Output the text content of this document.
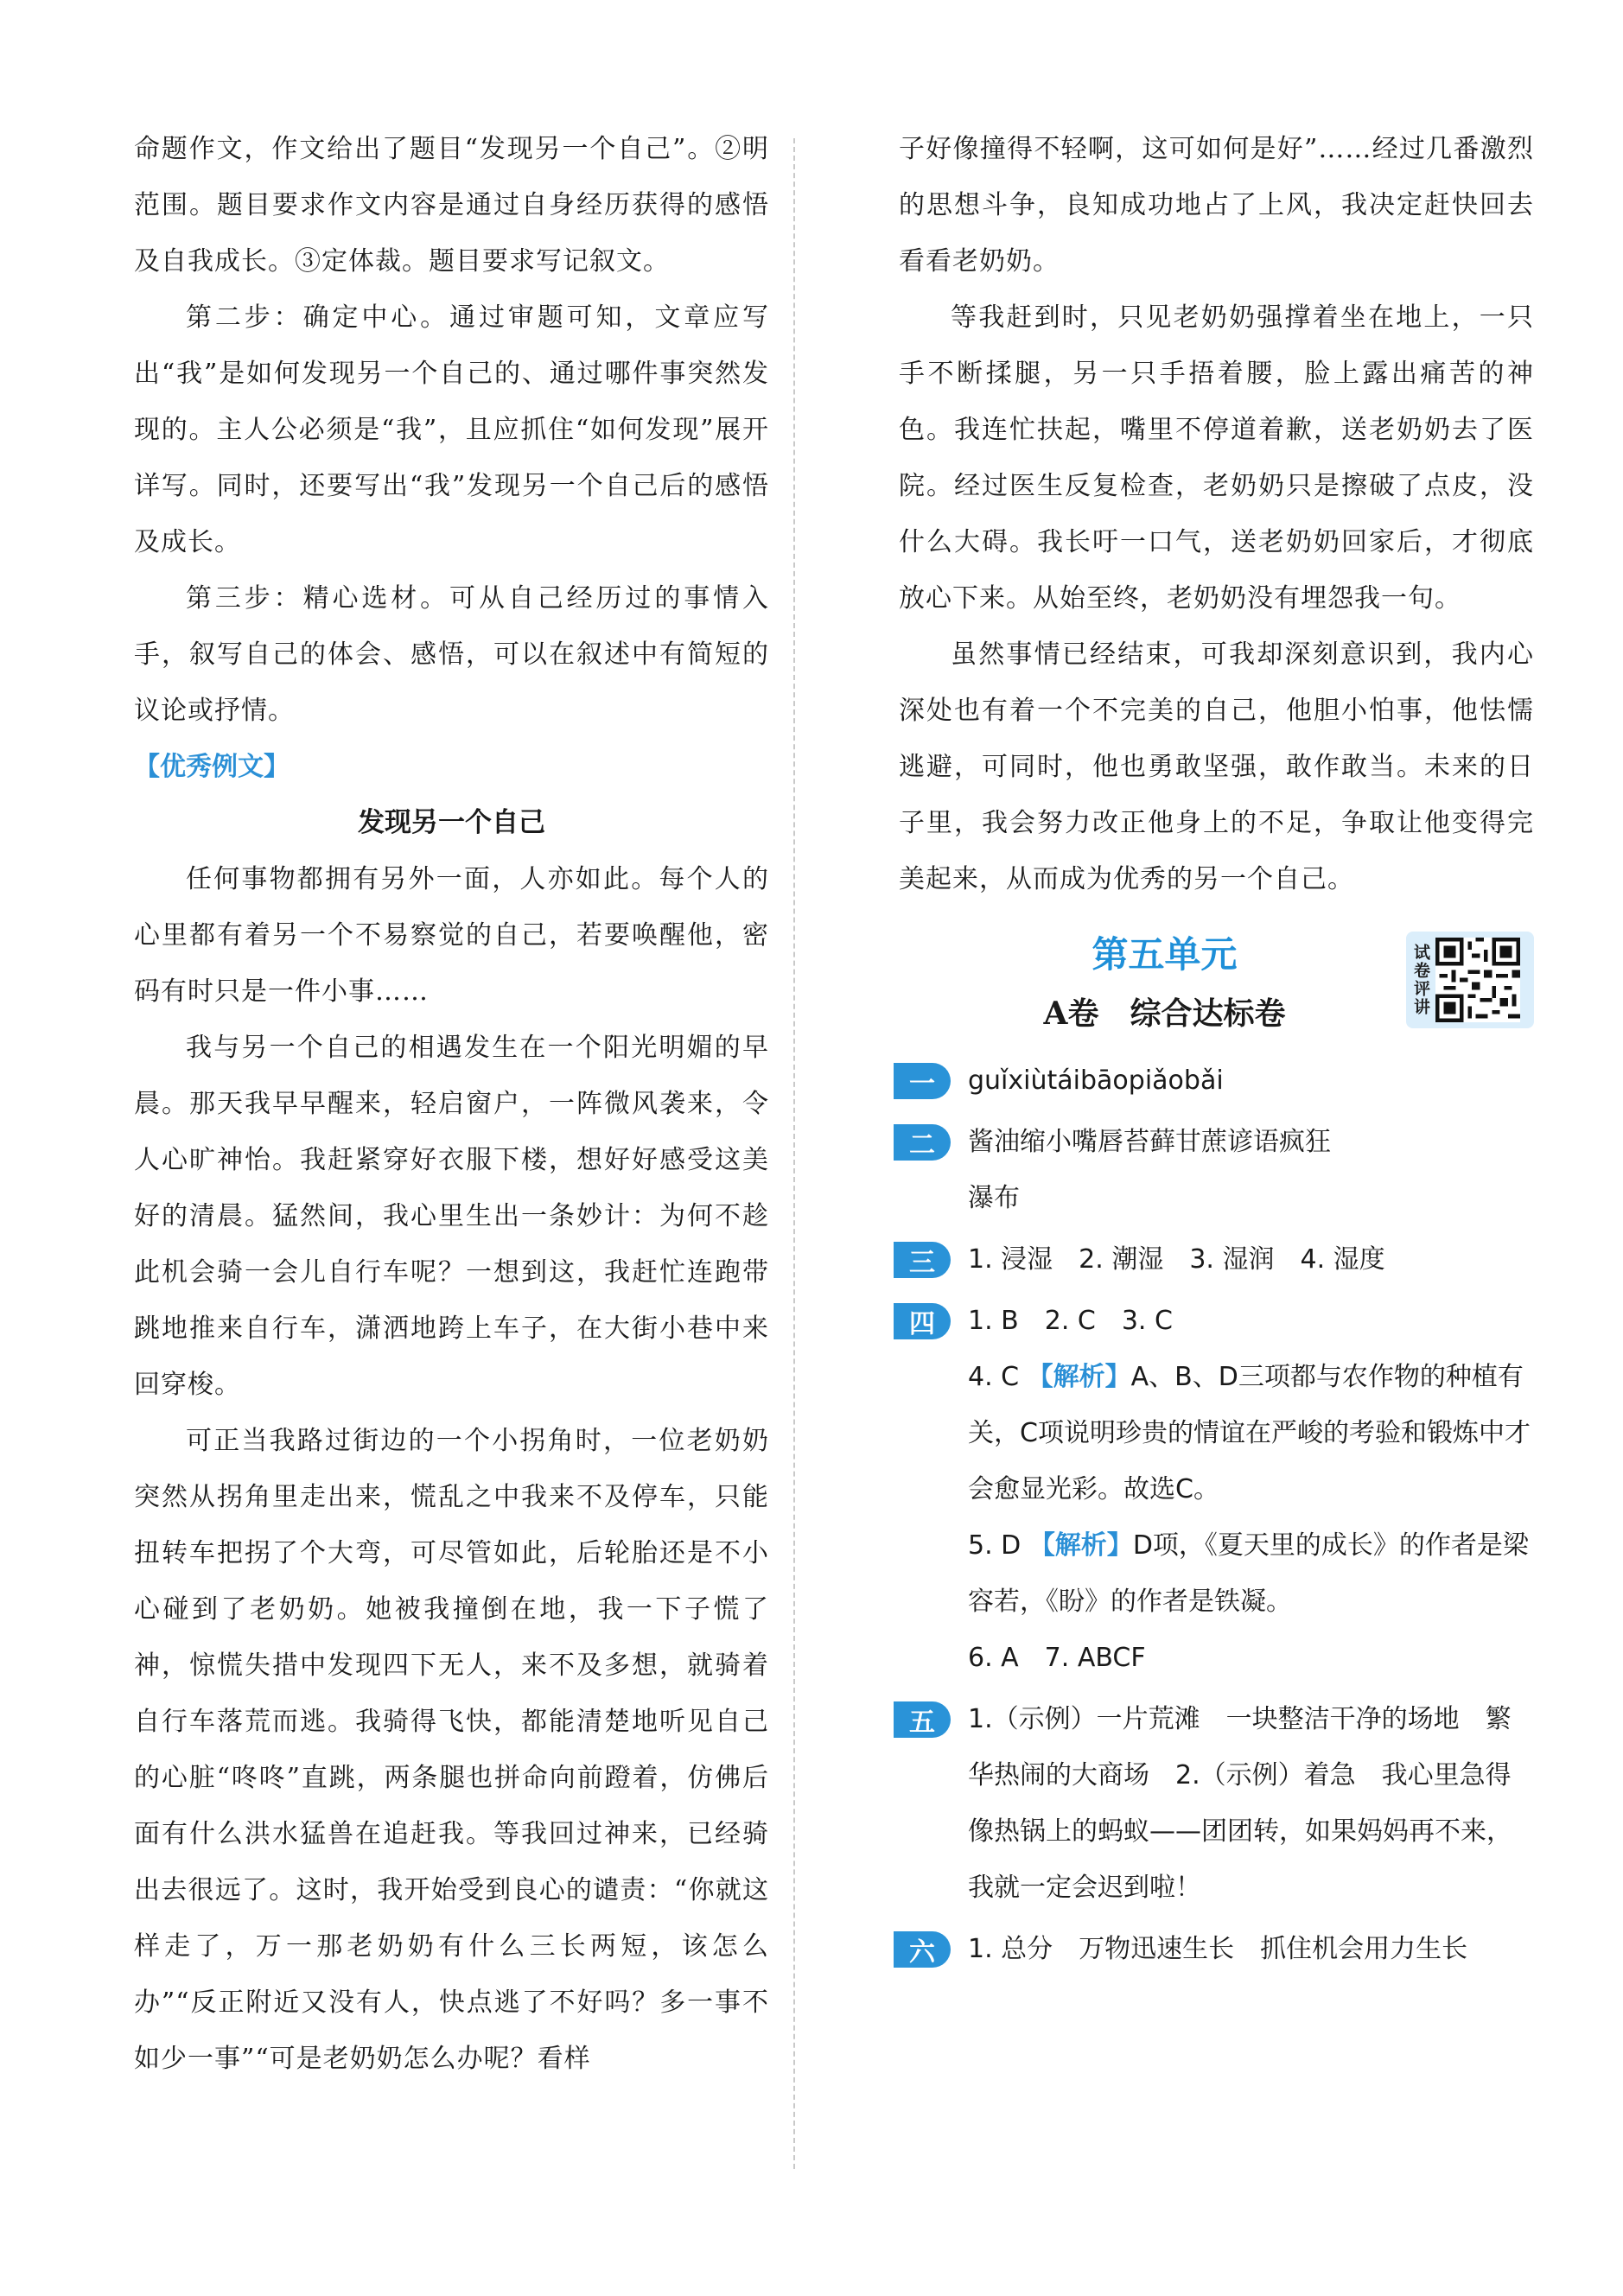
命题作文，作文给出了题目“发现另一个自己”。②明范围。题目要求作文内容是通过自身经历获得的感悟及自我成长。③定体裁。题目要求写记叙文。

第二步：确定中心。通过审题可知，文章应写出“我”是如何发现另一个自己的、通过哪件事突然发现的。主人公必须是“我”，且应抓住“如何发现”展开详写。同时，还要写出“我”发现另一个自己后的感悟及成长。

第三步：精心选材。可从自己经历过的事情入手，叙写自己的体会、感悟，可以在叙述中有简短的议论或抒情。

【优秀例文】
发现另一个自己

任何事物都拥有另外一面，人亦如此。每个人的心里都有着另一个不易察觉的自己，若要唤醒他，密码有时只是一件小事……

我与另一个自己的相遇发生在一个阳光明媚的早晨。那天我早早醒来，轻启窗户，一阵微风袭来，令人心旷神怡。我赶紧穿好衣服下楼，想好好感受这美好的清晨。猛然间，我心里生出一条妙计：为何不趁此机会骑一会儿自行车呢？一想到这，我赶忙连跑带跳地推来自行车，潇洒地跨上车子，在大街小巷中来回穿梭。

可正当我路过街边的一个小拐角时，一位老奶奶突然从拐角里走出来，慌乱之中我来不及停车，只能扭转车把拐了个大弯，可尽管如此，后轮胎还是不小心碰到了老奶奶。她被我撞倒在地，我一下子慌了神，惊慌失措中发现四下无人，来不及多想，就骑着自行车落荒而逃。我骑得飞快，都能清楚地听见自己的心脏“咚咚”直跳，两条腿也拼命向前蹬着，仿佛后面有什么洪水猛兽在追赶我。等我回过神来，已经骑出去很远了。这时，我开始受到良心的谴责：“你就这样走了，万一那老奶奶有什么三长两短，该怎么办”“反正附近又没有人，快点逃了不好吗？多一事不如少一事”“可是老奶奶怎么办呢？看样

子好像撞得不轻啊，这可如何是好”……经过几番激烈的思想斗争，良知成功地占了上风，我决定赶快回去看看老奶奶。

等我赶到时，只见老奶奶强撑着坐在地上，一只手不断揉腿，另一只手捂着腰，脸上露出痛苦的神色。我连忙扶起，嘴里不停道着歉，送老奶奶去了医院。经过医生反复检查，老奶奶只是擦破了点皮，没什么大碍。我长吁一口气，送老奶奶回家后，才彻底放心下来。从始至终，老奶奶没有埋怨我一句。

虽然事情已经结束，可我却深刻意识到，我内心深处也有着一个不完美的自己，他胆小怕事，他怯懦逃避，可同时，他也勇敢坚强，敢作敢当。未来的日子里，我会努力改正他身上的不足，争取让他变得完美起来，从而成为优秀的另一个自己。

第五单元
A卷　综合达标卷	试卷评讲
一	guǐxiùtáibāopiǎobǎi

二	酱油缩小嘴唇苔藓甘蔗谚语疯狂
瀑布

三	1. 浸湿　2. 潮湿　3. 湿润　4. 湿度

四	1. B　2. C　3. C

4. C 【解析】A、B、D三项都与农作物的种植有关，C项说明珍贵的情谊在严峻的考验和锻炼中才会愈显光彩。故选C。

5. D 【解析】D项，《夏天里的成长》的作者是梁容若，《盼》的作者是铁凝。

6. A　7. ABCF

五	1.（示例）一片荒滩　一块整洁干净的场地　繁华热闹的大商场　2.（示例）着急　我心里急得像热锅上的蚂蚁——团团转，如果妈妈再不来，我就一定会迟到啦！

六	1. 总分　万物迅速生长　抓住机会用力生长
